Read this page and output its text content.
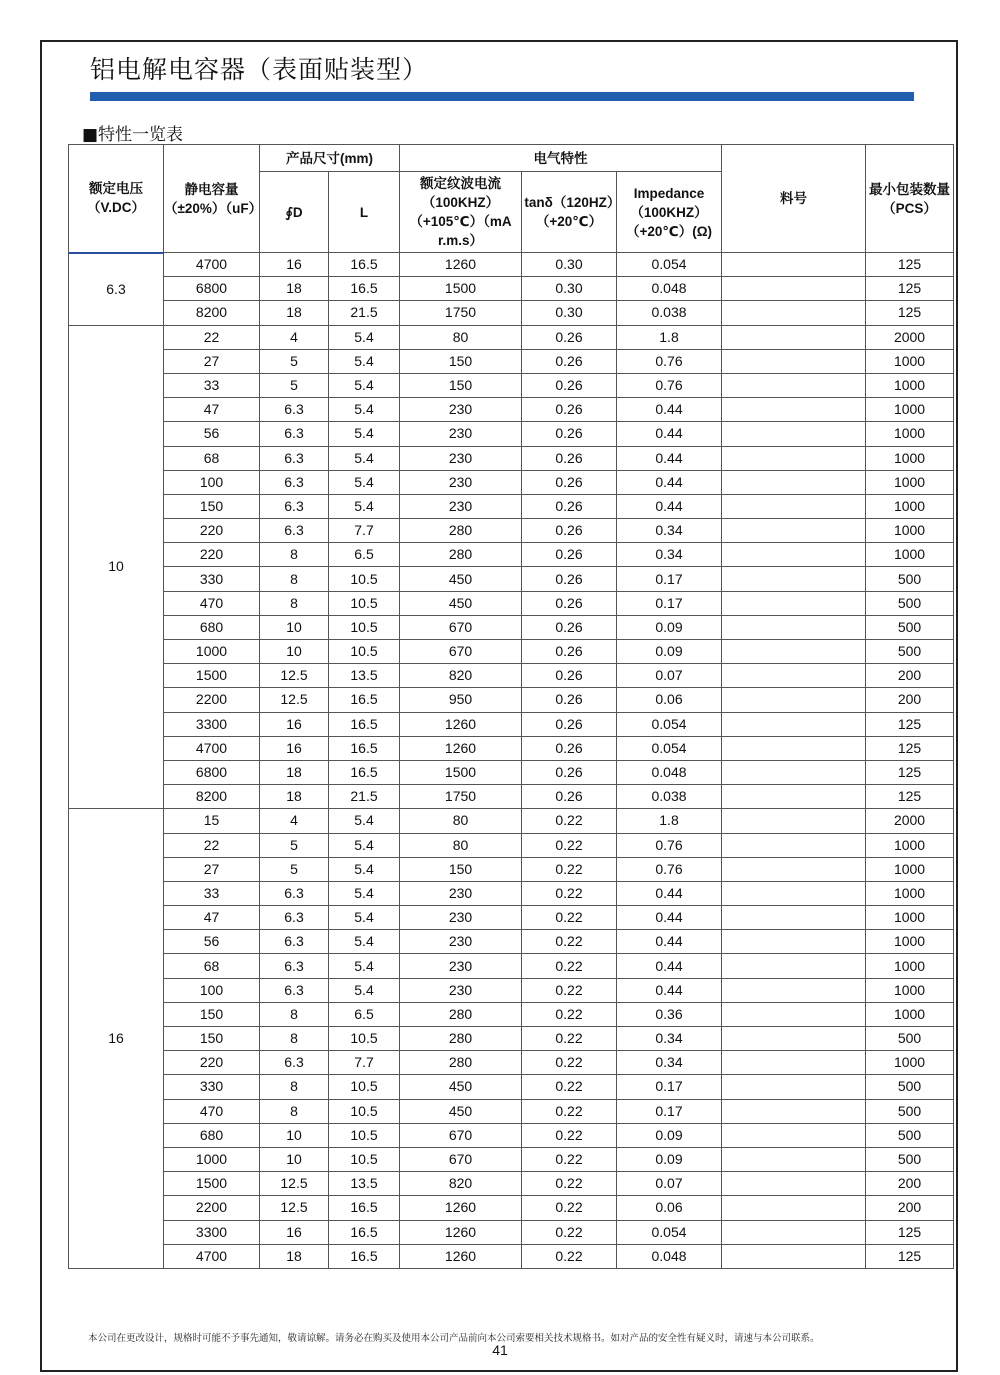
铝电解电容器（表面贴装型）
■特性一览表
额定电压（V.DC）	静电容量（±20%）（uF）	产品尺寸(mm)		电气特性			料号	最小包装数量（PCS）
		∮D	L	额定纹波电流（100KHZ）（+105℃）（mA r.m.s）	tanδ（120HZ）（+20℃）	Impedance（100KHZ）（+20℃）(Ω)		
6.3	4700	16	16.5	1260	0.30	0.054		125
	6800	18	16.5	1500	0.30	0.048		125
	8200	18	21.5	1750	0.30	0.038		125
10	22	4	5.4	80	0.26	1.8		2000
	27	5	5.4	150	0.26	0.76		1000
	33	5	5.4	150	0.26	0.76		1000
	47	6.3	5.4	230	0.26	0.44		1000
	56	6.3	5.4	230	0.26	0.44		1000
	68	6.3	5.4	230	0.26	0.44		1000
	100	6.3	5.4	230	0.26	0.44		1000
	150	6.3	5.4	230	0.26	0.44		1000
	220	6.3	7.7	280	0.26	0.34		1000
	220	8	6.5	280	0.26	0.34		1000
	330	8	10.5	450	0.26	0.17		500
	470	8	10.5	450	0.26	0.17		500
	680	10	10.5	670	0.26	0.09		500
	1000	10	10.5	670	0.26	0.09		500
	1500	12.5	13.5	820	0.26	0.07		200
	2200	12.5	16.5	950	0.26	0.06		200
	3300	16	16.5	1260	0.26	0.054		125
	4700	16	16.5	1260	0.26	0.054		125
	6800	18	16.5	1500	0.26	0.048		125
	8200	18	21.5	1750	0.26	0.038		125
16	15	4	5.4	80	0.22	1.8		2000
	22	5	5.4	80	0.22	0.76		1000
	27	5	5.4	150	0.22	0.76		1000
	33	6.3	5.4	230	0.22	0.44		1000
	47	6.3	5.4	230	0.22	0.44		1000
	56	6.3	5.4	230	0.22	0.44		1000
	68	6.3	5.4	230	0.22	0.44		1000
	100	6.3	5.4	230	0.22	0.44		1000
	150	8	6.5	280	0.22	0.36		1000
	150	8	10.5	280	0.22	0.34		500
	220	6.3	7.7	280	0.22	0.34		1000
	330	8	10.5	450	0.22	0.17		500
	470	8	10.5	450	0.22	0.17		500
	680	10	10.5	670	0.22	0.09		500
	1000	10	10.5	670	0.22	0.09		500
	1500	12.5	13.5	820	0.22	0.07		200
	2200	12.5	16.5	1260	0.22	0.06		200
	3300	16	16.5	1260	0.22	0.054		125
	4700	18	16.5	1260	0.22	0.048		125
本公司在更改设计，规格时可能不予事先通知，敬请谅解。请务必在购买及使用本公司产品前向本公司索要相关技术规格书。如对产品的安全性有疑义时，请速与本公司联系。
41
